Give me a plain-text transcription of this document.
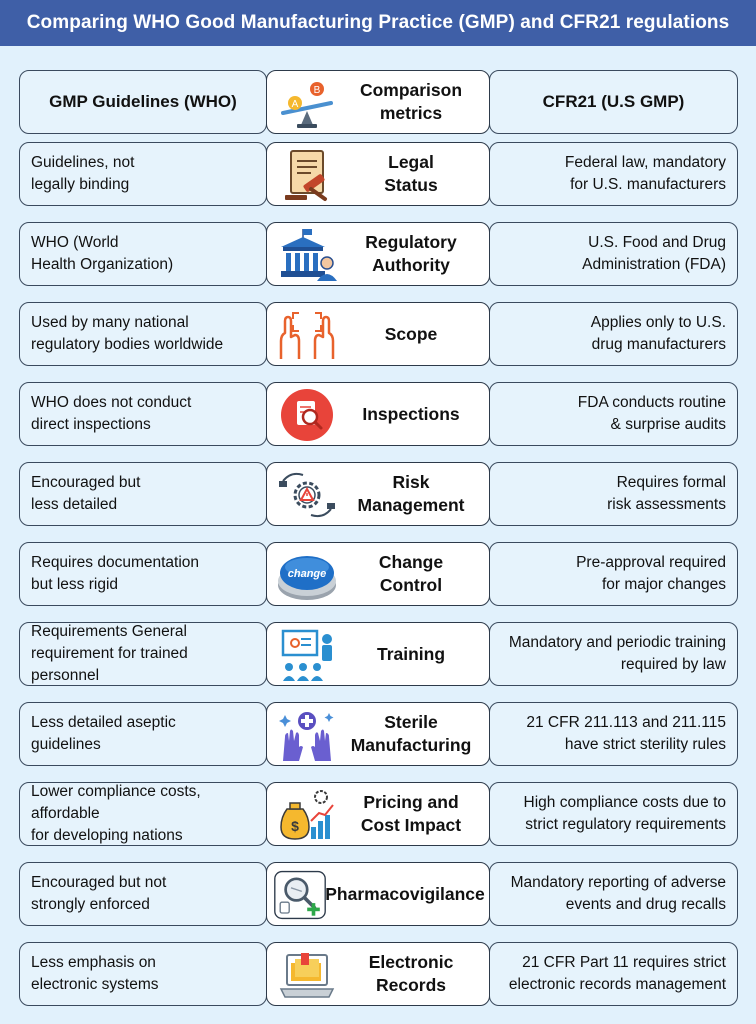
Comparing WHO Good Manufacturing Practice (GMP) and CFR21 regulations
GMP Guidelines (WHO)	A
B Comparison
metrics
CFR21 (U.S GMP)
Guidelines, not
legally binding
Legal
Status
Federal law, mandatory
for U.S. manufacturers
WHO (World
Health Organization)
Regulatory
Authority
U.S. Food and Drug
Administration (FDA)
Used by many national
regulatory bodies worldwide
Scope
Applies only to U.S.
drug manufacturers
WHO does not conduct
direct inspections
Inspections
FDA conducts routine
& surprise audits
Encouraged but
less detailed
Risk
Management
Requires formal
risk assessments
Requires documentation
but less rigid
change
Change
Control
Pre-approval required
for major changes
Requirements General
requirement for trained personnel
Training
Mandatory and periodic training
required by law
Less detailed aseptic
guidelines
Sterile
Manufacturing
21 CFR 211.113 and 211.115
have strict sterility rules
Lower compliance costs, affordable
for developing nations
$
Pricing and
Cost Impact
High compliance costs due to
strict regulatory requirements
Encouraged but not
strongly enforced
Pharmacovigilance
Mandatory reporting of adverse
events and drug recalls
Less emphasis on
electronic systems
Electronic
Records
21 CFR Part 11 requires strict
electronic records management
